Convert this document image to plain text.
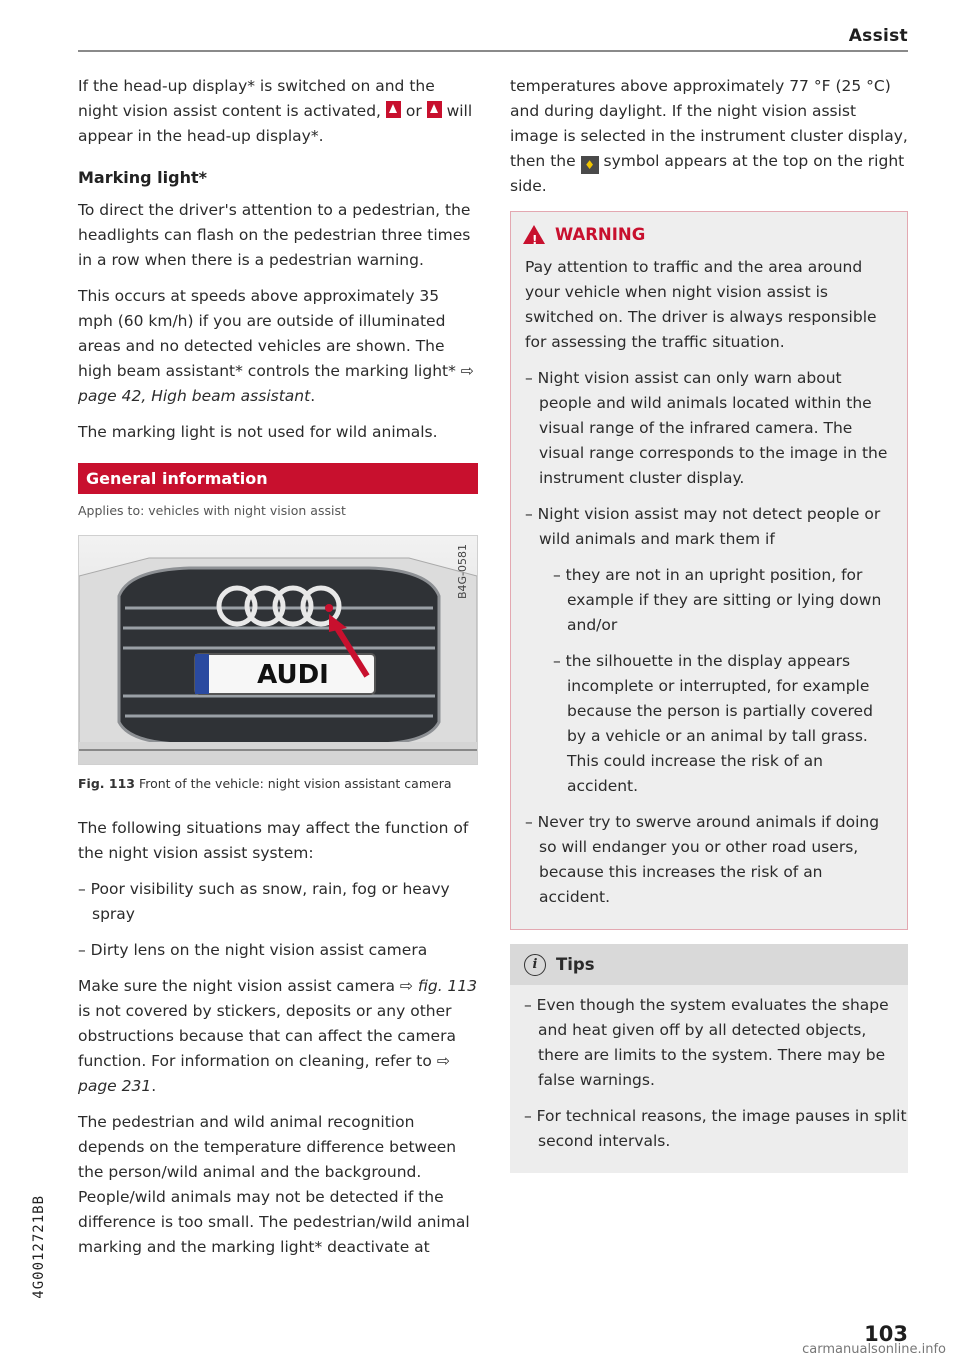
Assist

If the head-up display* is switched on and the night vision assist content is activated, or will appear in the head-up display*.

Marking light*

To direct the driver's attention to a pedestrian, the headlights can flash on the pedestrian three times in a row when there is a pedestrian warning.

This occurs at speeds above approximately 35 mph (60 km/h) if you are outside of illuminated areas and no detected vehicles are shown. The high beam assistant* controls the marking light* ⇨ page 42, High beam assistant.

The marking light is not used for wild animals.

General information
Applies to: vehicles with night vision assist
AUDI
B4G-0581
Fig. 113 Front of the vehicle: night vision assistant camera

The following situations may affect the function of the night vision assist system:

– Poor visibility such as snow, rain, fog or heavy spray

– Dirty lens on the night vision assist camera

Make sure the night vision assist camera ⇨ fig. 113 is not covered by stickers, deposits or any other obstructions because that can affect the camera function. For information on cleaning, refer to ⇨ page 231.

The pedestrian and wild animal recognition depends on the temperature difference between the person/wild animal and the background. People/wild animals may not be detected if the difference is too small. The pedestrian/wild animal marking and the marking light* deactivate at

temperatures above approximately 77 °F (25 °C) and during daylight. If the night vision assist image is selected in the instrument cluster display, then the ♦ symbol appears at the top on the right side.

!
WARNING

Pay attention to traffic and the area around your vehicle when night vision assist is switched on. The driver is always responsible for assessing the traffic situation.

– Night vision assist can only warn about people and wild animals located within the visual range of the infrared camera. The visual range corresponds to the image in the instrument cluster display.

– Night vision assist may not detect people or wild animals and mark them if

– they are not in an upright position, for example if they are sitting or lying down and/or

– the silhouette in the display appears incomplete or interrupted, for example because the person is partially covered by a vehicle or an animal by tall grass. This could increase the risk of an accident.

– Never try to swerve around animals if doing so will endanger you or other road users, because this increases the risk of an accident.

i	Tips

– Even though the system evaluates the shape and heat given off by all detected objects, there are limits to the system. There may be false warnings.

– For technical reasons, the image pauses in split second intervals.

4G0012721BB
103
carmanualsonline.info
